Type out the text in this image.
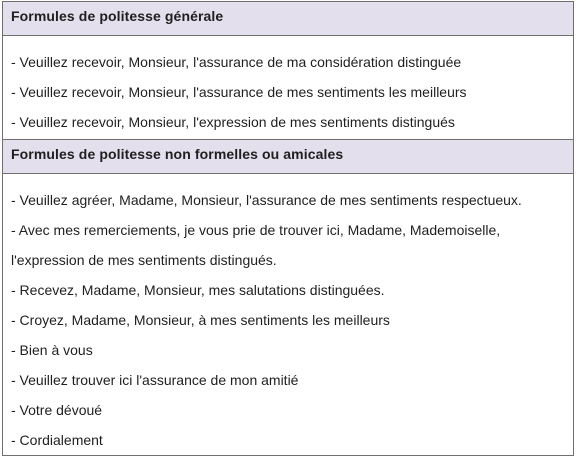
Formules de politesse générale
- Veuillez recevoir, Monsieur, l'assurance de ma considération distinguée
- Veuillez recevoir, Monsieur, l'assurance de mes sentiments les meilleurs
- Veuillez recevoir, Monsieur, l'expression de mes sentiments distingués
Formules de politesse non formelles ou amicales
- Veuillez agréer, Madame, Monsieur, l'assurance de mes sentiments respectueux.
- Avec mes remerciements, je vous prie de trouver ici, Madame, Mademoiselle,
l'expression de mes sentiments distingués.
- Recevez, Madame, Monsieur, mes salutations distinguées.
- Croyez, Madame, Monsieur, à mes sentiments les meilleurs
- Bien à vous
- Veuillez trouver ici l'assurance de mon amitié
- Votre dévoué
- Cordialement
